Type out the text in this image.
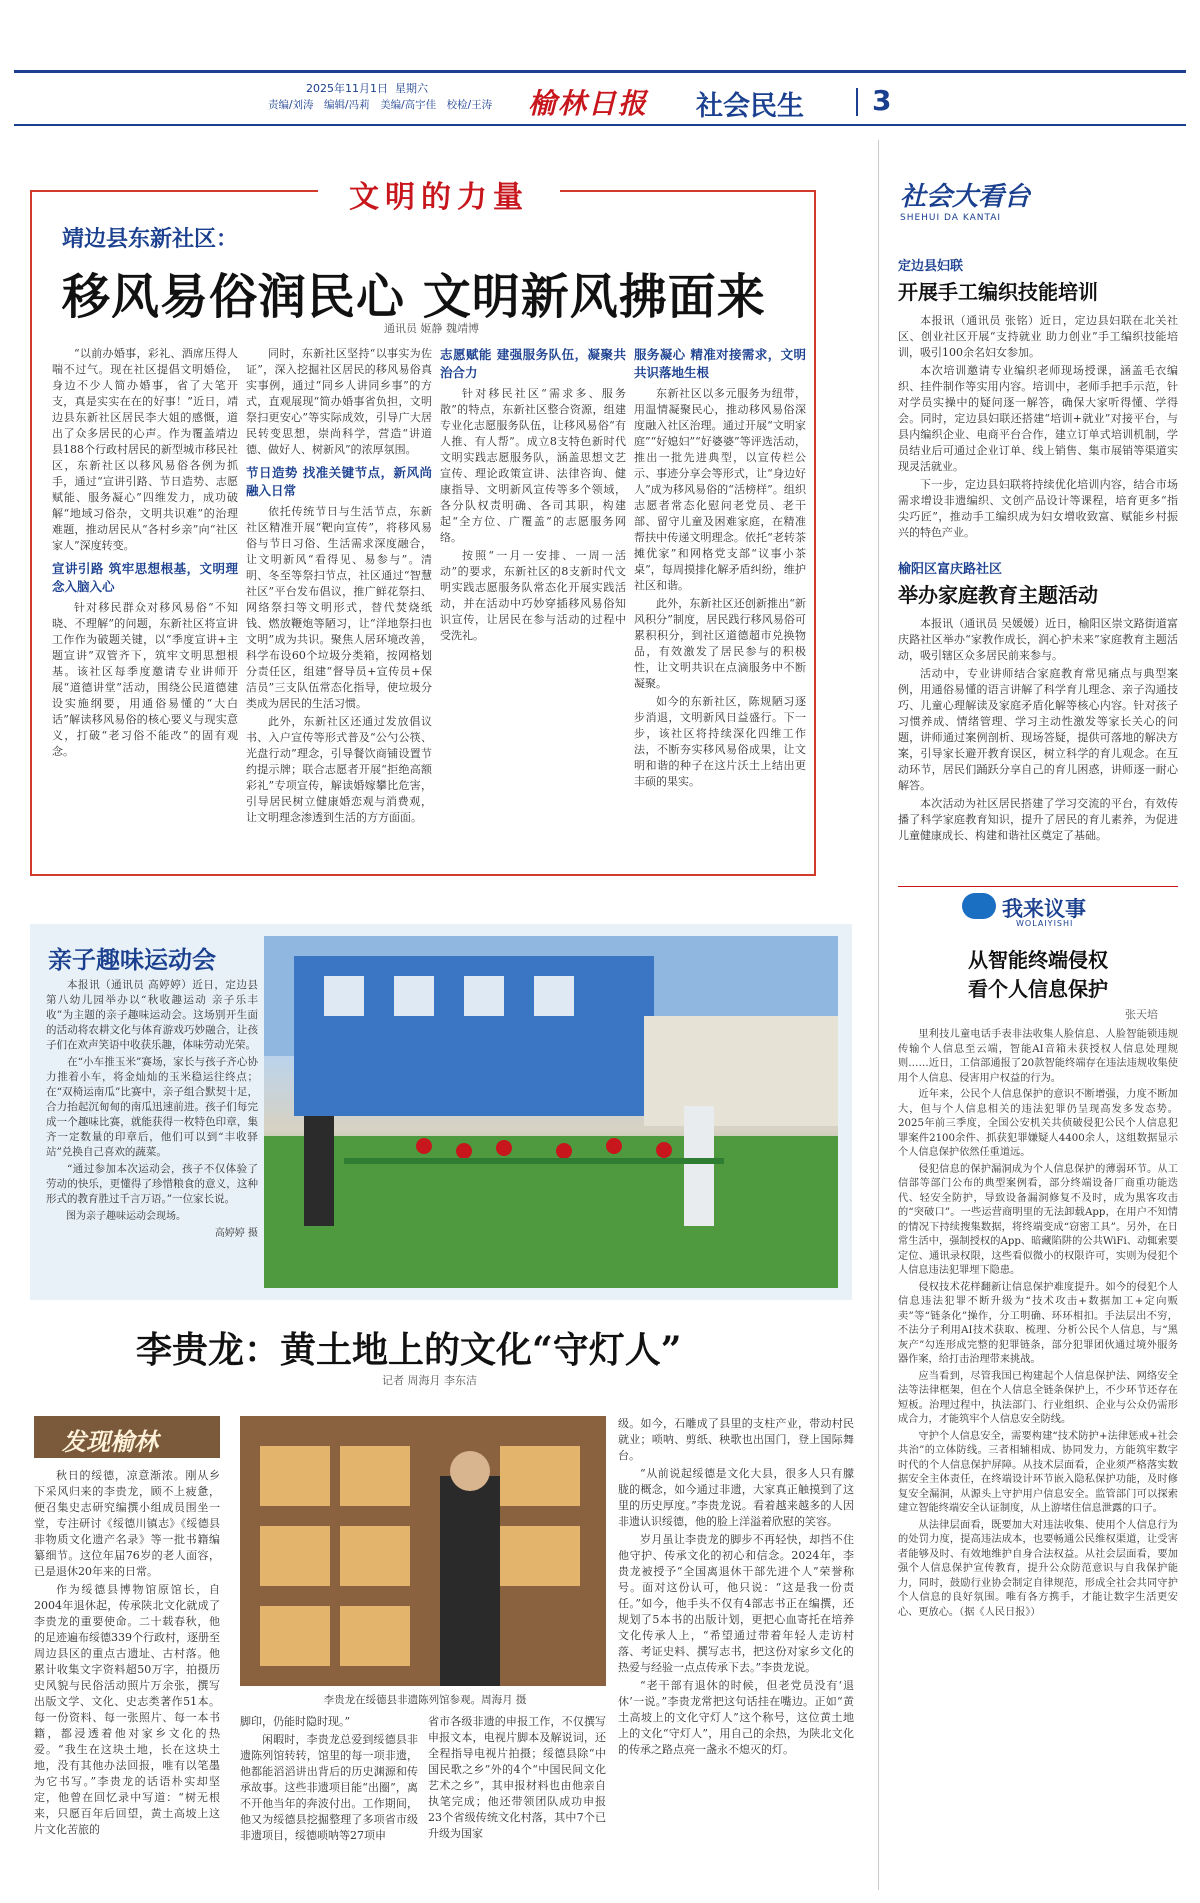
2025年11月1日 星期六
责编/刘涛　编辑/冯莉　美编/高宇佳　校检/王涛 榆林日报 社会民生 3
文明的力量
靖边县东新社区：
移风易俗润民心 文明新风拂面来
通讯员 姬静 魏靖博

“以前办婚事，彩礼、酒席压得人喘不过气。现在社区提倡文明婚俭，身边不少人简办婚事，省了大笔开支，真是实实在在的好事！”近日，靖边县东新社区居民李大姐的感慨，道出了众多居民的心声。作为覆盖靖边县188个行政村居民的新型城市移民社区，东新社区以移风易俗各例为抓手，通过“宣讲引路、节日造势、志愿赋能、服务凝心”四维发力，成功破解“地域习俗杂，文明共识难”的治理难题，推动居民从“各村乡亲”向“社区家人”深度转变。

宣讲引路 筑牢思想根基，文明理念入脑入心

针对移民群众对移风易俗“不知晓、不理解”的问题，东新社区将宣讲工作作为破题关键，以“季度宣讲+主题宣讲”双管齐下，筑牢文明思想根基。该社区每季度邀请专业讲师开展“道德讲堂”活动，围绕公民道德建设实施纲要，用通俗易懂的“大白话”解读移风易俗的核心要义与现实意义，打破“老习俗不能改”的固有观念。

同时，东新社区坚持“以事实为佐证”，深入挖掘社区居民的移风易俗真实事例，通过“同乡人讲同乡事”的方式，直观展现“简办婚事省负担，文明祭扫更安心”等实际成效，引导广大居民转变思想，崇尚科学，营造“讲道德、做好人、树新风”的浓厚氛围。

节日造势 找准关键节点，新风尚融入日常

依托传统节日与生活节点，东新社区精准开展“靶向宣传”，将移风易俗与节日习俗、生活需求深度融合，让文明新风“看得见、易参与”。清明、冬至等祭扫节点，社区通过“智慧社区”平台发布倡议，推广鲜花祭扫、网络祭扫等文明形式，替代焚烧纸钱、燃放鞭炮等陋习，让“洋地祭扫也文明”成为共识。聚焦人居环境改善，科学布设60个垃圾分类箱，按网格划分责任区，组建“督导员+宣传员+保洁员”三支队伍常态化指导，使垃圾分类成为居民的生活习惯。

此外，东新社区还通过发放倡议书、入户宣传等形式普及“公勺公筷、光盘行动”理念，引导餐饮商铺设置节约提示牌；联合志愿者开展“拒绝高额彩礼”专项宣传，解读婚嫁攀比危害，引导居民树立健康婚恋观与消费观，让文明理念渗透到生活的方方面面。

志愿赋能 建强服务队伍，凝聚共治合力

针对移民社区“需求多、服务散”的特点，东新社区整合资源，组建专业化志愿服务队伍，让移风易俗“有人推、有人帮”。成立8支特色新时代文明实践志愿服务队，涵盖思想文艺宣传、理论政策宣讲、法律咨询、健康指导、文明新风宣传等多个领域，各分队权责明确、各司其职，构建起“全方位、广覆盖”的志愿服务网络。

按照“一月一安排、一周一活动”的要求，东新社区的8支新时代文明实践志愿服务队常态化开展实践活动，并在活动中巧妙穿插移风易俗知识宣传，让居民在参与活动的过程中受洗礼。

服务凝心 精准对接需求，文明共识落地生根

东新社区以多元服务为纽带，用温情凝聚民心，推动移风易俗深度融入社区治理。通过开展“文明家庭”“好媳妇”“好婆婆”等评选活动，推出一批先进典型，以宣传栏公示、事迹分享会等形式，让“身边好人”成为移风易俗的“活榜样”。组织志愿者常态化慰问老党员、老干部、留守儿童及困难家庭，在精准帮扶中传递文明理念。依托“老转茶摊优家”和网格党支部“议事小茶桌”，每周摸排化解矛盾纠纷，维护社区和谐。

此外，东新社区还创新推出“新风积分”制度，居民践行移风易俗可累积积分，到社区道德超市兑换物品，有效激发了居民参与的积极性，让文明共识在点滴服务中不断凝聚。

如今的东新社区，陈规陋习逐步消退，文明新风日益盛行。下一步，该社区将持续深化四维工作法，不断夯实移风易俗成果，让文明和谐的种子在这片沃土上结出更丰硕的果实。

社会大看台
SHEHUI DA KANTAI
定边县妇联
开展手工编织技能培训

本报讯（通讯员 张铭）近日，定边县妇联在北关社区、创业社区开展“支持就业 助力创业”手工编织技能培训，吸引100余名妇女参加。

本次培训邀请专业编织老师现场授课，涵盖毛衣编织、挂件制作等实用内容。培训中，老师手把手示范，针对学员实操中的疑问逐一解答，确保大家听得懂、学得会。同时，定边县妇联还搭建“培训+就业”对接平台，与县内编织企业、电商平台合作，建立订单式培训机制，学员结业后可通过企业订单、线上销售、集市展销等渠道实现灵活就业。

下一步，定边县妇联将持续优化培训内容，结合市场需求增设非遗编织、文创产品设计等课程，培育更多“指尖巧匠”，推动手工编织成为妇女增收致富、赋能乡村振兴的特色产业。

榆阳区富庆路社区
举办家庭教育主题活动

本报讯（通讯员 吴媛媛）近日，榆阳区崇文路街道富庆路社区举办“家教作成长，润心护未来”家庭教育主题活动，吸引辖区众多居民前来参与。

活动中，专业讲师结合家庭教育常见痛点与典型案例，用通俗易懂的语言讲解了科学育儿理念、亲子沟通技巧、儿童心理解读及家庭矛盾化解等核心内容。针对孩子习惯养成、情绪管理、学习主动性激发等家长关心的问题，讲师通过案例剖析、现场答疑，提供可落地的解决方案，引导家长避开教育误区，树立科学的育儿观念。在互动环节，居民们踊跃分享自己的育儿困惑，讲师逐一耐心解答。

本次活动为社区居民搭建了学习交流的平台，有效传播了科学家庭教育知识，提升了居民的育儿素养，为促进儿童健康成长、构建和谐社区奠定了基础。

我来议事
WOLAIYISHI
从智能终端侵权
看个人信息保护
张天培

里利技儿童电话手表非法收集人脸信息、人脸智能锁违规传输个人信息至云端，智能AI音箱未获授权人信息处理规则……近日，工信部通报了20款智能终端存在违法违规收集使用个人信息、侵害用户权益的行为。

近年来，公民个人信息保护的意识不断增强，力度不断加大，但与个人信息相关的违法犯罪仍呈现高发多发态势。2025年前三季度，全国公安机关共侦破侵犯公民个人信息犯罪案件2100余件、抓获犯罪嫌疑人4400余人，这组数据显示个人信息保护依然任重道远。

侵犯信息的保护漏洞成为个人信息保护的薄弱环节。从工信部等部门公布的典型案例看，部分终端设备厂商重功能迭代、轻安全防护，导致设备漏洞修复不及时，成为黑客攻击的“突破口”。一些运营商明里的无法卸载App，在用户不知情的情况下持续搜集数据，将终端变成“窃密工具”。另外，在日常生活中，强制授权的App、暗藏陷阱的公共WiFi、动辄索要定位、通讯录权限，这些看似微小的权限许可，实则为侵犯个人信息违法犯罪埋下隐患。

侵权技术花样翻新让信息保护难度提升。如今的侵犯个人信息违法犯罪不断升级为“技术攻击+数据加工+定向贩卖”等“链条化”操作，分工明确、环环相扣。手法层出不穷，不法分子利用AI技术获取、梳理、分析公民个人信息，与“黑灰产”勾连形成完整的犯罪链条，部分犯罪团伙通过境外服务器作案，给打击治理带来挑战。

应当看到，尽管我国已构建起个人信息保护法、网络安全法等法律框架，但在个人信息全链条保护上，不少环节还存在短板。治理过程中，执法部门、行业组织、企业与公众仍需形成合力，才能筑牢个人信息安全防线。

守护个人信息安全，需要构建“技术防护+法律惩戒+社会共治”的立体防线。三者相辅相成、协同发力，方能筑牢数字时代的个人信息保护屏障。从技术层面看，企业须严格落实数据安全主体责任，在终端设计环节嵌入隐私保护功能，及时修复安全漏洞，从源头上守护用户信息安全。监管部门可以探索建立智能终端安全认证制度，从上游堵住信息泄露的口子。

从法律层面看，既要加大对违法收集、使用个人信息行为的处罚力度，提高违法成本，也要畅通公民维权渠道，让受害者能够及时、有效地维护自身合法权益。从社会层面看，要加强个人信息保护宣传教育，提升公众防范意识与自我保护能力，同时，鼓励行业协会制定自律规范，形成全社会共同守护个人信息的良好氛围。唯有各方携手，才能让数字生活更安心、更放心。（据《人民日报》）

亲子趣味运动会

本报讯（通讯员 高婷婷）近日，定边县第八幼儿园举办以“秋收趣运动 亲子乐丰收”为主题的亲子趣味运动会。这场别开生面的活动将农耕文化与体育游戏巧妙融合，让孩子们在欢声笑语中收获乐趣，体味劳动光荣。

在“小车推玉米”赛场，家长与孩子齐心协力推着小车，将金灿灿的玉米稳运往终点；在“双椅运南瓜”比赛中，亲子组合默契十足，合力抬起沉甸甸的南瓜迅速前进。孩子们每完成一个趣味比赛，就能获得一枚特色印章，集齐一定数量的印章后，他们可以到“丰收驿站”兑换自己喜欢的蔬菜。

“通过参加本次运动会，孩子不仅体验了劳动的快乐，更懂得了珍惜粮食的意义，这种形式的教育胜过千言万语。”一位家长说。

图为亲子趣味运动会现场。

高婷婷 摄
李贵龙：黄土地上的文化“守灯人”
记者 周海月 李东洁
发现榆林

秋日的绥德，凉意渐浓。刚从乡下采风归来的李贵龙，顾不上疲惫，便召集史志研究编撰小组成员围坐一堂，专注研讨《绥德川镇志》《绥德县非物质文化遗产名录》等一批书籍编纂细节。这位年届76岁的老人面容，已是退休20年来的日常。

作为绥德县博物馆原馆长，自2004年退休起，传承陕北文化就成了李贵龙的重要使命。二十载春秋，他的足迹遍布绥德339个行政村，逐册至周边县区的重点古遗址、古村落。他累计收集文字资料超50万字，拍摄历史风貌与民俗活动照片万余张，撰写出版文学、文化、史志类著作51本。每一份资料、每一张照片、每一本书籍，都浸透着他对家乡文化的热爱。“我生在这块土地，长在这块土地，没有其他办法回报，唯有以笔墨为它书写。”李贵龙的话语朴实却坚定，他曾在回忆录中写道：“树无根来，只愿百年后回望，黄土高坡上这片文化苦旅的

李贵龙在绥德县非遗陈列馆参观。周海月 摄

脚印，仍能时隐时现。”

闲暇时，李贵龙总爱到绥德县非遗陈列馆转转，馆里的每一项非遗，他都能滔滔讲出背后的历史渊源和传承故事。这些非遗项目能“出圈”，离不开他当年的奔波付出。工作期间，他又为绥德县挖掘整理了多项省市级非遗项目，绥德唢呐等27项申

省市各级非遗的申报工作，不仅撰写申报文本，电视片脚本及解说词，还全程指导电视片拍摄；绥德县除“中国民歌之乡”外的4个“中国民间文化艺术之乡”，其申报材料也由他亲自执笔完成；他还带领团队成功申报23个省级传统文化村落，其中7个已升级为国家

级。如今，石雕成了县里的支柱产业，带动村民就业；唢呐、剪纸、秧歌也出国门，登上国际舞台。

“从前说起绥德是文化大县，很多人只有朦胧的概念，如今通过非遗，大家真正触摸到了这里的历史厚度。”李贵龙说。看着越来越多的人因非遗认识绥德，他的脸上洋溢着欣慰的笑容。

岁月虽让李贵龙的脚步不再轻快，却挡不住他守护、传承文化的初心和信念。2024年，李贵龙被授予“全国离退休干部先进个人”荣誉称号。面对这份认可，他只说：“这是我一份责任。”如今，他手头不仅有4部志书正在编撰，还规划了5本书的出版计划，更把心血寄托在培养文化传承人上，“希望通过带着年轻人走访村落、考证史料、撰写志书，把这份对家乡文化的热爱与经验一点点传承下去。”李贵龙说。

“老干部有退休的时候，但老党员没有‘退休’一说。”李贵龙常把这句话挂在嘴边。正如“黄土高坡上的文化守灯人”这个称号，这位黄土地上的文化“守灯人”，用自己的余热，为陕北文化的传承之路点亮一盏永不熄灭的灯。
